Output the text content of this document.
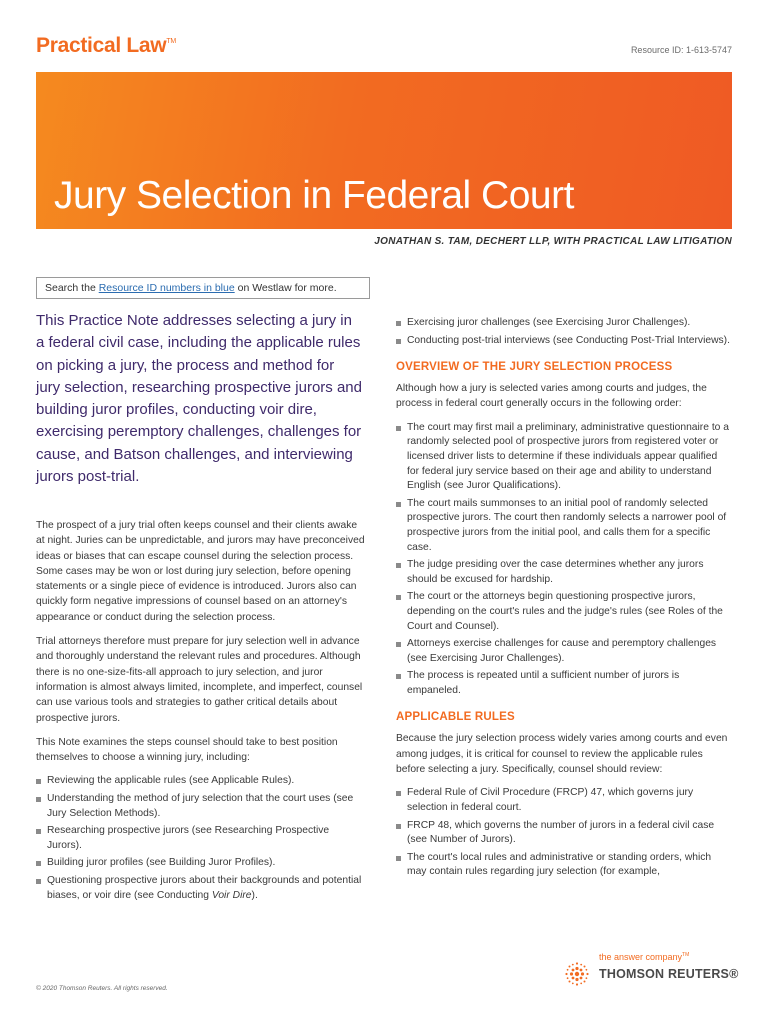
Practical Law™
Resource ID: 1-613-5747
Jury Selection in Federal Court
JONATHAN S. TAM, DECHERT LLP, WITH PRACTICAL LAW LITIGATION
Search the Resource ID numbers in blue on Westlaw for more.
This Practice Note addresses selecting a jury in a federal civil case, including the applicable rules on picking a jury, the process and method for jury selection, researching prospective jurors and building juror profiles, conducting voir dire, exercising peremptory challenges, challenges for cause, and Batson challenges, and interviewing jurors post-trial.

The prospect of a jury trial often keeps counsel and their clients awake at night. Juries can be unpredictable, and jurors may have preconceived ideas or biases that can escape counsel during the selection process. Some cases may be won or lost during jury selection, before opening statements or a single piece of evidence is introduced. Jurors also can quickly form negative impressions of counsel based on an attorney's appearance or conduct during the selection process.

Trial attorneys therefore must prepare for jury selection well in advance and thoroughly understand the relevant rules and procedures. Although there is no one-size-fits-all approach to jury selection, and juror information is almost always limited, incomplete, and imperfect, counsel can use various tools and strategies to gather critical details about prospective jurors.

This Note examines the steps counsel should take to best position themselves to choose a winning jury, including:

Reviewing the applicable rules (see Applicable Rules).
Understanding the method of jury selection that the court uses (see Jury Selection Methods).
Researching prospective jurors (see Researching Prospective Jurors).
Building juror profiles (see Building Juror Profiles).
Questioning prospective jurors about their backgrounds and potential biases, or voir dire (see Conducting Voir Dire).
Exercising juror challenges (see Exercising Juror Challenges).
Conducting post-trial interviews (see Conducting Post-Trial Interviews).
OVERVIEW OF THE JURY SELECTION PROCESS

Although how a jury is selected varies among courts and judges, the process in federal court generally occurs in the following order:

The court may first mail a preliminary, administrative questionnaire to a randomly selected pool of prospective jurors from registered voter or licensed driver lists to determine if these individuals appear qualified for federal jury service based on their age and ability to understand English (see Juror Qualifications).
The court mails summonses to an initial pool of randomly selected prospective jurors. The court then randomly selects a narrower pool of prospective jurors from the initial pool, and calls them for a specific case.
The judge presiding over the case determines whether any jurors should be excused for hardship.
The court or the attorneys begin questioning prospective jurors, depending on the court's rules and the judge's rules (see Roles of the Court and Counsel).
Attorneys exercise challenges for cause and peremptory challenges (see Exercising Juror Challenges).
The process is repeated until a sufficient number of jurors is empaneled.
APPLICABLE RULES

Because the jury selection process widely varies among courts and even among judges, it is critical for counsel to review the applicable rules before selecting a jury. Specifically, counsel should review:

Federal Rule of Civil Procedure (FRCP) 47, which governs jury selection in federal court.
FRCP 48, which governs the number of jurors in a federal civil case (see Number of Jurors).
The court's local rules and administrative or standing orders, which may contain rules regarding jury selection (for example,
© 2020 Thomson Reuters. All rights reserved.
the answer company™
THOMSON REUTERS®
